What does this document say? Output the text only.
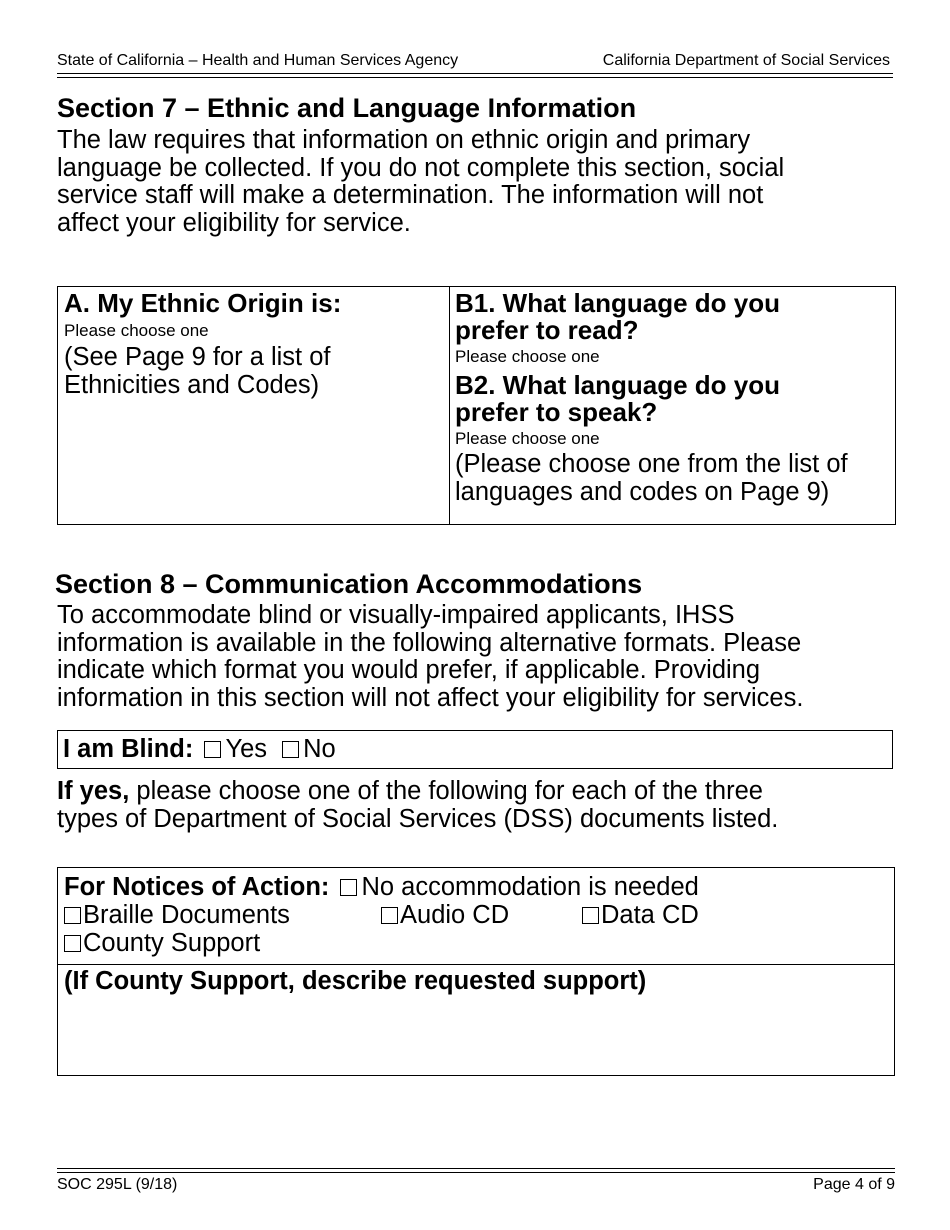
State of California – Health and Human Services Agency	California Department of Social Services
Section 7 – Ethnic and Language Information
The law requires that information on ethnic origin and primary
language be collected. If you do not complete this section, social
service staff will make a determination. The information will not
affect your eligibility for service.
A. My Ethnic Origin is:
Please choose one
(See Page 9 for a list of
Ethnicities and Codes)
B1. What language do you
prefer to read?
Please choose one
B2. What language do you
prefer to speak?
Please choose one
(Please choose one from the list of
languages and codes on Page 9)
Section 8 – Communication Accommodations
To accommodate blind or visually-impaired applicants, IHSS
information is available in the following alternative formats. Please
indicate which format you would prefer, if applicable. Providing
information in this section will not affect your eligibility for services.
I am Blind: Yes No
If yes, please choose one of the following for each of the three
types of Department of Social Services (DSS) documents listed.
For Notices of Action: No accommodation is needed
Braille Documents	Audio CD	Data CD
County Support
(If County Support, describe requested support)
SOC 295L (9/18)	Page 4 of 9
